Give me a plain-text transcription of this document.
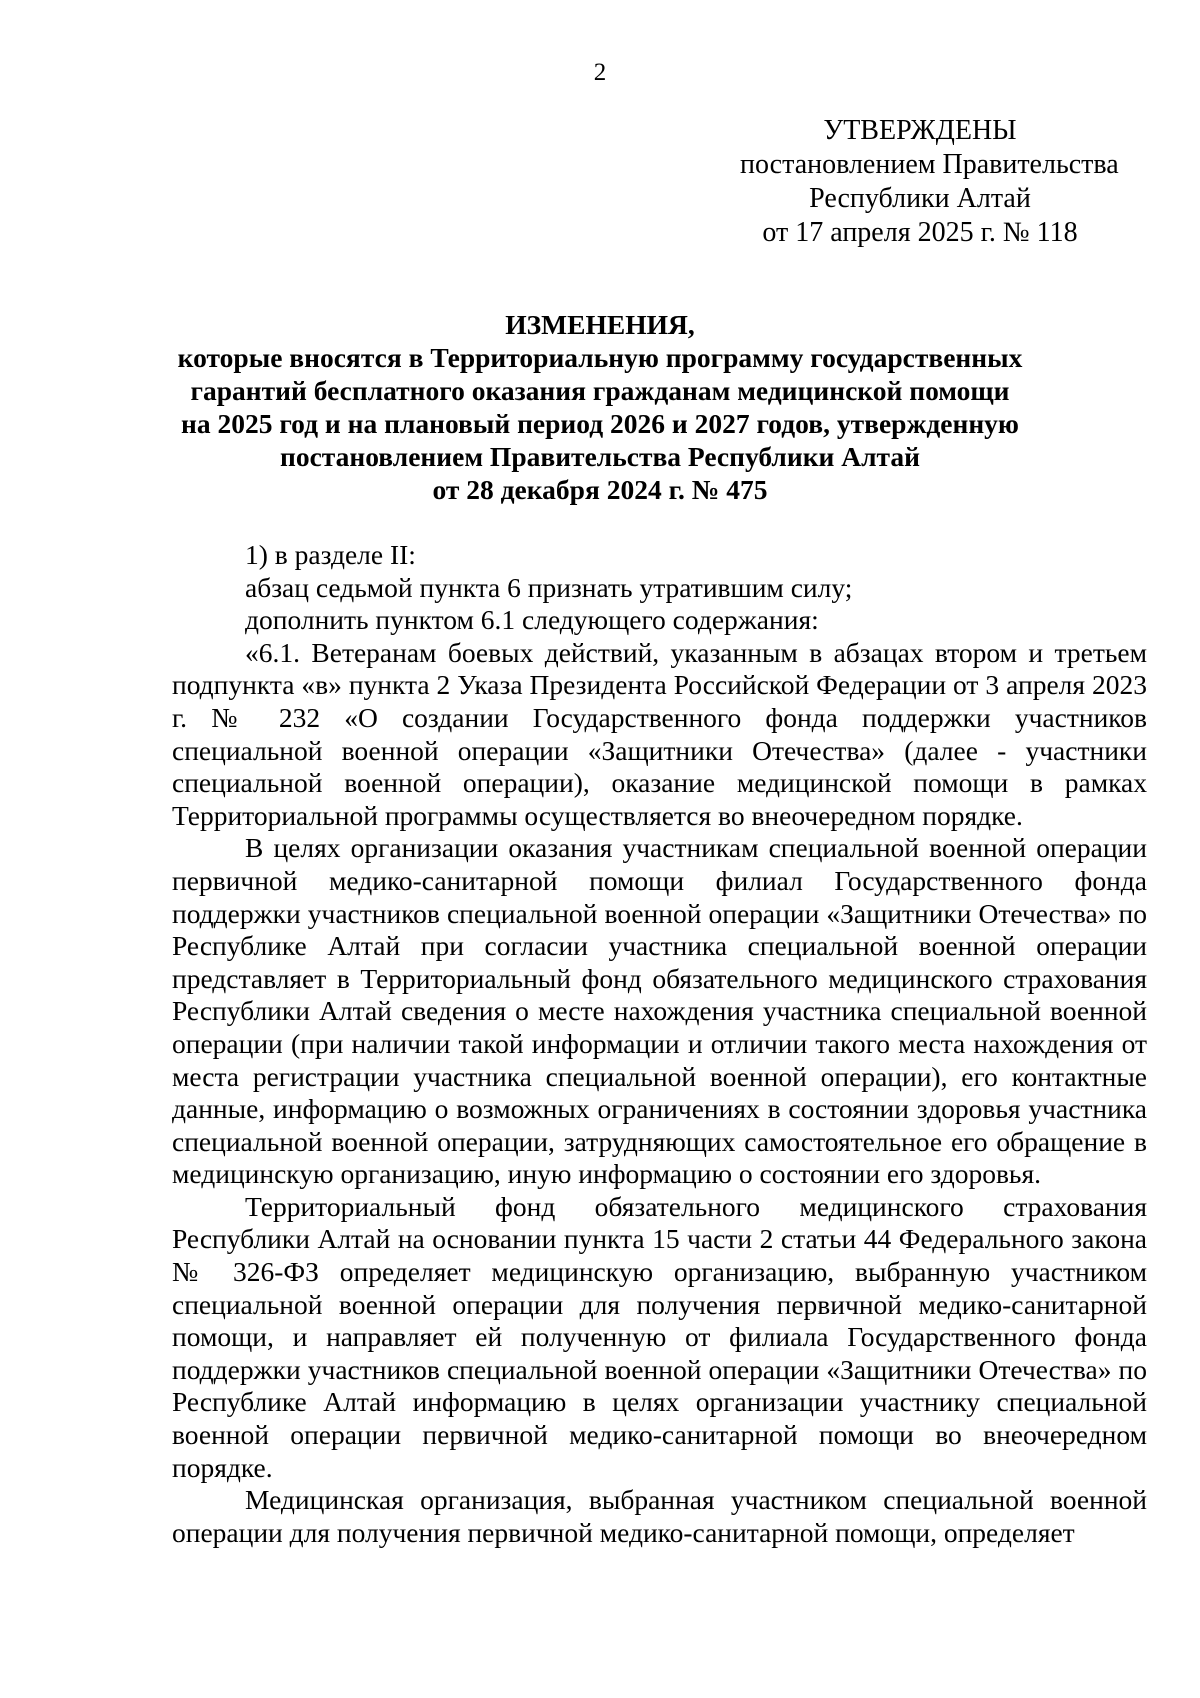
2
УТВЕРЖДЕНЫ
постановлением Правительства
Республики Алтай
от 17 апреля 2025 г. № 118
ИЗМЕНЕНИЯ,
которые вносятся в Территориальную программу государственных
гарантий бесплатного оказания гражданам медицинской помощи
на 2025 год и на плановый период 2026 и 2027 годов, утвержденную
постановлением Правительства Республики Алтай
от 28 декабря 2024 г. № 475

1) в разделе II:

абзац седьмой пункта 6 признать утратившим силу;

дополнить пунктом 6.1 следующего содержания:

«6.1. Ветеранам боевых действий, указанным в абзацах втором и третьем подпункта «в» пункта 2 Указа Президента Российской Федерации от 3 апреля 2023 г. № 232 «О создании Государственного фонда поддержки участников специальной военной операции «Защитники Отечества» (далее - участники специальной военной операции), оказание медицинской помощи в рамках Территориальной программы осуществляется во внеочередном порядке.

В целях организации оказания участникам специальной военной операции первичной медико-санитарной помощи филиал Государственного фонда поддержки участников специальной военной операции «Защитники Отечества» по Республике Алтай при согласии участника специальной военной операции представляет в Территориальный фонд обязательного медицинского страхования Республики Алтай сведения о месте нахождения участника специальной военной операции (при наличии такой информации и отличии такого места нахождения от места регистрации участника специальной военной операции), его контактные данные, информацию о возможных ограничениях в состоянии здоровья участника специальной военной операции, затрудняющих самостоятельное его обращение в медицинскую организацию, иную информацию о состоянии его здоровья.

Территориальный фонд обязательного медицинского страхования Республики Алтай на основании пункта 15 части 2 статьи 44 Федерального закона № 326-ФЗ определяет медицинскую организацию, выбранную участником специальной военной операции для получения первичной медико-санитарной помощи, и направляет ей полученную от филиала Государственного фонда поддержки участников специальной военной операции «Защитники Отечества» по Республике Алтай информацию в целях организации участнику специальной военной операции первичной медико-санитарной помощи во внеочередном порядке.

Медицинская организация, выбранная участником специальной военной операции для получения первичной медико-санитарной помощи, определяет
